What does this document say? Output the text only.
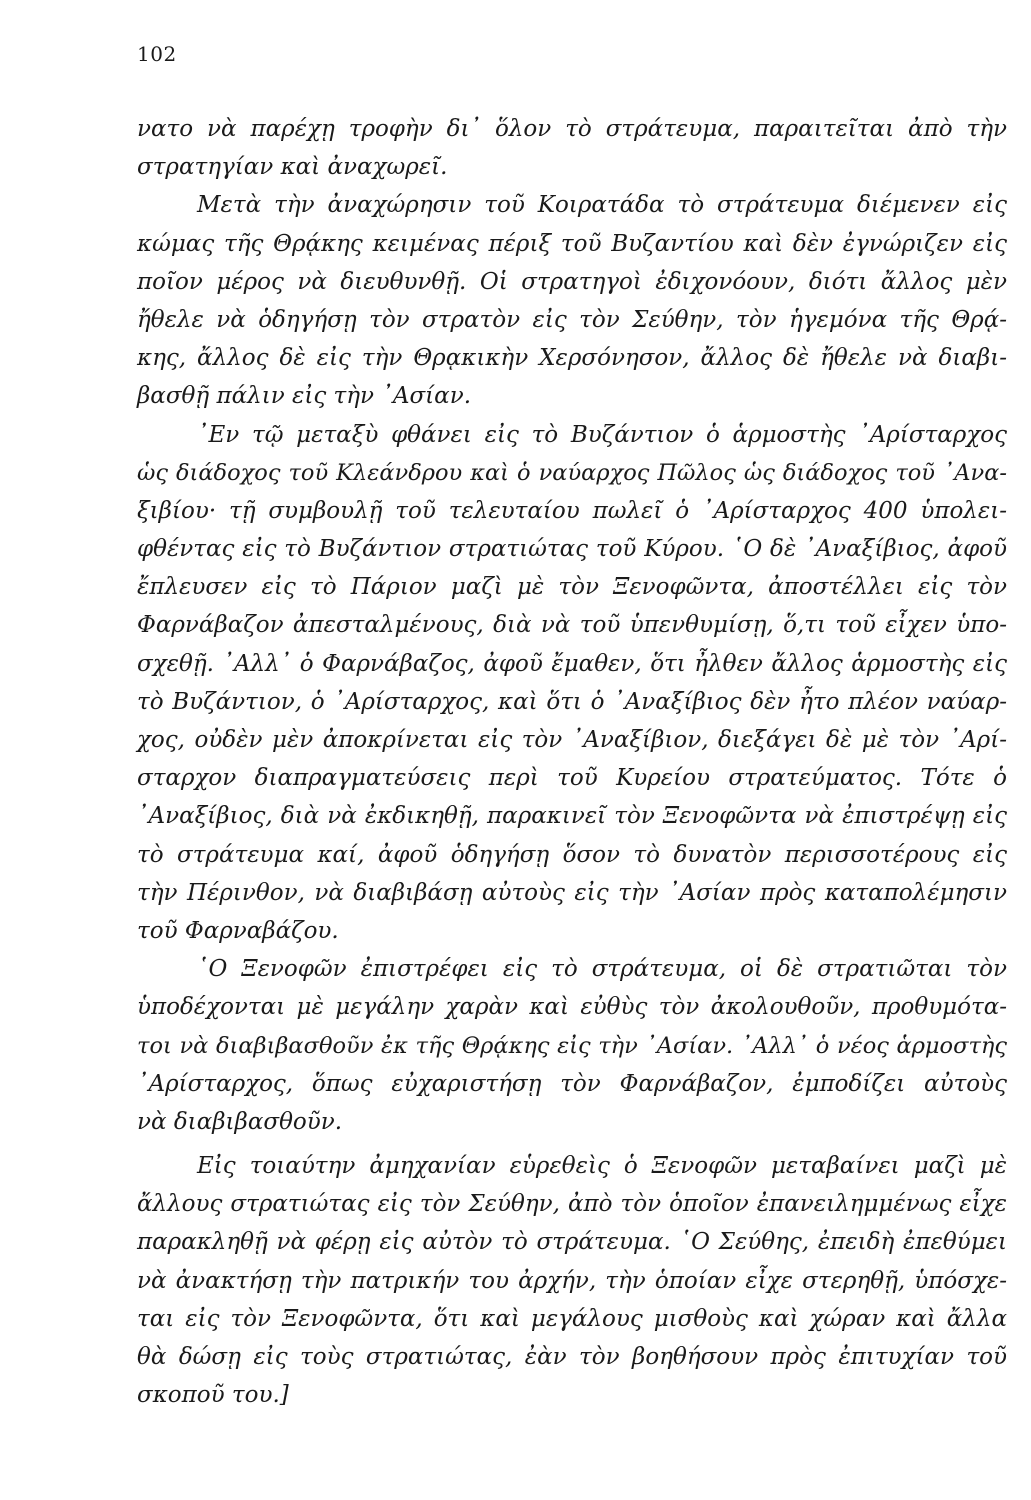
102
νατο νὰ παρέχῃ τροφὴν δι᾽ ὅλον τὸ στράτευμα, παραιτεῖται ἀπὸ τὴν
στρατηγίαν καὶ ἀναχωρεῖ.
Μετὰ τὴν ἀναχώρησιν τοῦ Κοιρατάδα τὸ στράτευμα διέμενεν εἰς
κώμας τῆς Θρᾴκης κειμένας πέριξ τοῦ Βυζαντίου καὶ δὲν ἐγνώριζεν εἰς
ποῖον μέρος νὰ διευθυνθῇ. Οἱ στρατηγοὶ ἐδιχονόουν, διότι ἄλλος μὲν
ἤθελε νὰ ὁδηγήσῃ τὸν στρατὸν εἰς τὸν Σεύθην, τὸν ἡγεμόνα τῆς Θρᾴ-
κης, ἄλλος δὲ εἰς τὴν Θρᾳκικὴν Χερσόνησον, ἄλλος δὲ ἤθελε νὰ διαβι-
βασθῇ πάλιν εἰς τὴν ᾿Ασίαν.
᾿Εν τῷ μεταξὺ φθάνει εἰς τὸ Βυζάντιον ὁ ἁρμοστὴς ᾿Αρίσταρχος
ὡς διάδοχος τοῦ Κλεάνδρου καὶ ὁ ναύαρχος Πῶλος ὡς διάδοχος τοῦ ᾿Ανα-
ξιβίου· τῇ συμβουλῇ τοῦ τελευταίου πωλεῖ ὁ ᾿Αρίσταρχος 400 ὑπολει-
φθέντας εἰς τὸ Βυζάντιον στρατιώτας τοῦ Κύρου. ῾Ο δὲ ᾿Αναξίβιος, ἀφοῦ
ἔπλευσεν εἰς τὸ Πάριον μαζὶ μὲ τὸν Ξενοφῶντα, ἀποστέλλει εἰς τὸν
Φαρνάβαζον ἀπεσταλμένους, διὰ νὰ τοῦ ὑπενθυμίσῃ, ὅ,τι τοῦ εἶχεν ὑπο-
σχεθῇ. ᾿Αλλ᾽ ὁ Φαρνάβαζος, ἀφοῦ ἔμαθεν, ὅτι ἦλθεν ἄλλος ἁρμοστὴς εἰς
τὸ Βυζάντιον, ὁ ᾿Αρίσταρχος, καὶ ὅτι ὁ ᾿Αναξίβιος δὲν ἦτο πλέον ναύαρ-
χος, οὐδὲν μὲν ἀποκρίνεται εἰς τὸν ᾿Αναξίβιον, διεξάγει δὲ μὲ τὸν ᾿Αρί-
σταρχον διαπραγματεύσεις περὶ τοῦ Κυρείου στρατεύματος. Τότε ὁ
᾿Αναξίβιος, διὰ νὰ ἐκδικηθῇ, παρακινεῖ τὸν Ξενοφῶντα νὰ ἐπιστρέψῃ εἰς
τὸ στράτευμα καί, ἀφοῦ ὁδηγήσῃ ὅσον τὸ δυνατὸν περισσοτέρους εἰς
τὴν Πέρινθον, νὰ διαβιβάσῃ αὐτοὺς εἰς τὴν ᾿Ασίαν πρὸς καταπολέμησιν
τοῦ Φαρναβάζου.
῾Ο Ξενοφῶν ἐπιστρέφει εἰς τὸ στράτευμα, οἱ δὲ στρατιῶται τὸν
ὑποδέχονται μὲ μεγάλην χαρὰν καὶ εὐθὺς τὸν ἀκολουθοῦν, προθυμότα-
τοι νὰ διαβιβασθοῦν ἐκ τῆς Θρᾴκης εἰς τὴν ᾿Ασίαν. ᾿Αλλ᾽ ὁ νέος ἁρμοστὴς
᾿Αρίσταρχος, ὅπως εὐχαριστήσῃ τὸν Φαρνάβαζον, ἐμποδίζει αὐτοὺς
νὰ διαβιβασθοῦν.
Εἰς τοιαύτην ἀμηχανίαν εὑρεθεὶς ὁ Ξενοφῶν μεταβαίνει μαζὶ μὲ
ἄλλους στρατιώτας εἰς τὸν Σεύθην, ἀπὸ τὸν ὁποῖον ἐπανειλημμένως εἶχε
παρακληθῇ νὰ φέρῃ εἰς αὐτὸν τὸ στράτευμα. ῾Ο Σεύθης, ἐπειδὴ ἐπεθύμει
νὰ ἀνακτήσῃ τὴν πατρικήν του ἀρχήν, τὴν ὁποίαν εἶχε στερηθῇ, ὑπόσχε-
ται εἰς τὸν Ξενοφῶντα, ὅτι καὶ μεγάλους μισθοὺς καὶ χώραν καὶ ἄλλα
θὰ δώσῃ εἰς τοὺς στρατιώτας, ἐὰν τὸν βοηθήσουν πρὸς ἐπιτυχίαν τοῦ
σκοποῦ του.]
